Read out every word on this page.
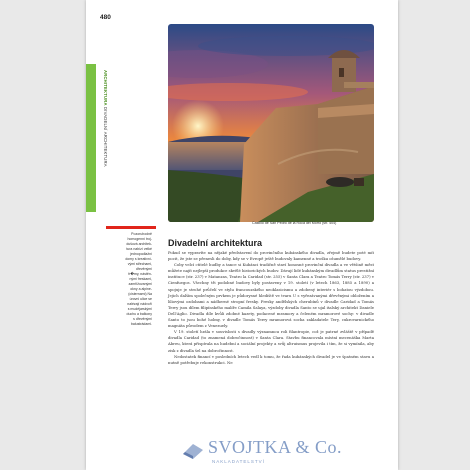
480
ARCHITEKTURA DIVADELNÍ ARCHITEKTURA
Castillo de San Pedro de la Roca del Morro (str. 404)
Pozoruhodně
homogenní troj-
dušová architek-
tura nabízí velké
jednopodlažní
domy s kreativní-
vými střechami,
dřevěnými
fr�my, nástěn-
nými freskami,
zamřížovanými
okny a alpine-
(cisternami) Na
úrovni ulice se
nalézají nádvoří
s mudéjarskými
duchu a balkony
s dřevěnými
balustrádami.
Divadelní architektura

Pokud se vypravíte na nějaké představení do provinčního kubánského divadla, zřejmě budete poté mít pocit, že jste se přenesli do doby, kdy se v Evropě ještě budovaly kamenné a trošku ošumělé budovy.

Coby velcí ctitelé hudby a tance si Kubánci tradičně staví honosné provinční divadla a ve většině měst můžete najít nejlepší produkce skvělé historických budov. Dávají lidé kubánským divadlům status prestižní instituce (str. 237) v Matanzas, Teatro la Caridad (str. 255) v Santa Clara a Teatro Tomás Terry (str. 237) v Cienfuegos. Všechny tři podobné budovy byly postaveny v 19. století (v letech 1863, 1885 a 1890) a spojuje je strohé průčelí ve stylu francouzského neoklasicismu a zdobený interiér s bohatou výzdobou. Jejich dalším společným prvkem je půdorysné hlediště ve tvaru U s vyřezávanými dřevěnými obložením a liliovými ozdobami a nádherné stropní fresky. Fresky andělských cherubínů v divadle Caridad a Tomás Terry jsou dílem filipínského malíře Camila Salaya, výzdoby divadla Santo se ujal italský architekt Daniele Dell'Aglio. Divadla díle kvůli zdobné kazety, podacené mramory a čeleném mramorové sochy: v divadle Santo to jsou bohé holmy, v divadle Tomás Terry mramorová socha zakladatele Tery, cukrovarnického magnáta původem z Venezuely.

V 19. století hrála v souvislosti s divadly významnou roli filantropie, což je patrné zvláště v případě divadla Caridad (to znamená dobročinnost) v Santa Clara. Stavbu financovala místní mecenáška Marta Abreu, která přispívala na hudební a sociální projekty a svůj altruismus projevila i tím, že si vymínila, aby zisk z divadla šel na dobročinnost.

Nedostatek financí v posledních letech vedl k tomu, že řada kubánských divadel je ve špatném stavu a nutně potřebuje rekonstrukci. Ne

SVOJTKA & Co.
NAKLADATELSTVÍ
